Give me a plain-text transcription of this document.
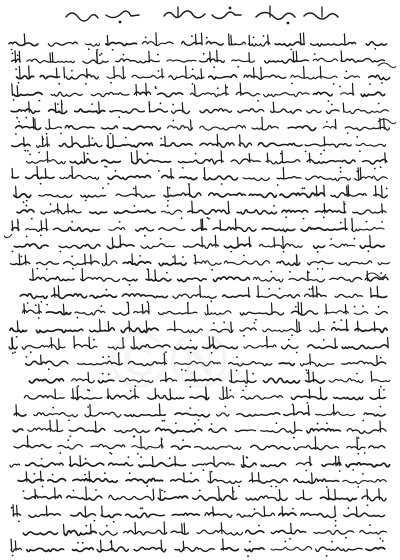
ⒸⓃ
